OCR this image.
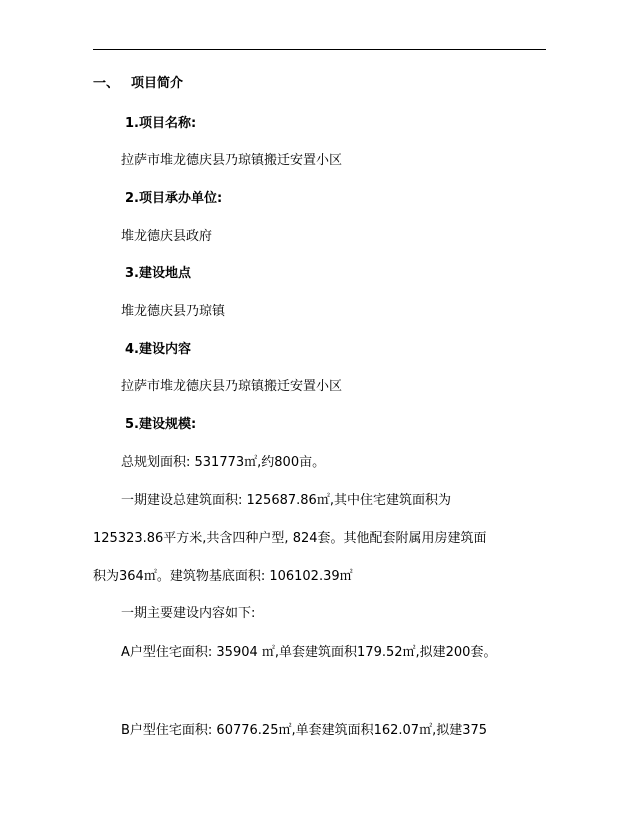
一、 项目简介
1.项目名称:
拉萨市堆龙德庆县乃琼镇搬迁安置小区
2.项目承办单位:
堆龙德庆县政府
3.建设地点
堆龙德庆县乃琼镇
4.建设内容
拉萨市堆龙德庆县乃琼镇搬迁安置小区
5.建设规模:
总规划面积: 531773㎡,约800亩。
一期建设总建筑面积: 125687.86㎡,其中住宅建筑面积为
125323.86平方米,共含四种户型, 824套。其他配套附属用房建筑面
积为364㎡。建筑物基底面积: 106102.39㎡
一期主要建设内容如下:
A户型住宅面积: 35904 ㎡,单套建筑面积179.52㎡,拟建200套。
B户型住宅面积: 60776.25㎡,单套建筑面积162.07㎡,拟建375
